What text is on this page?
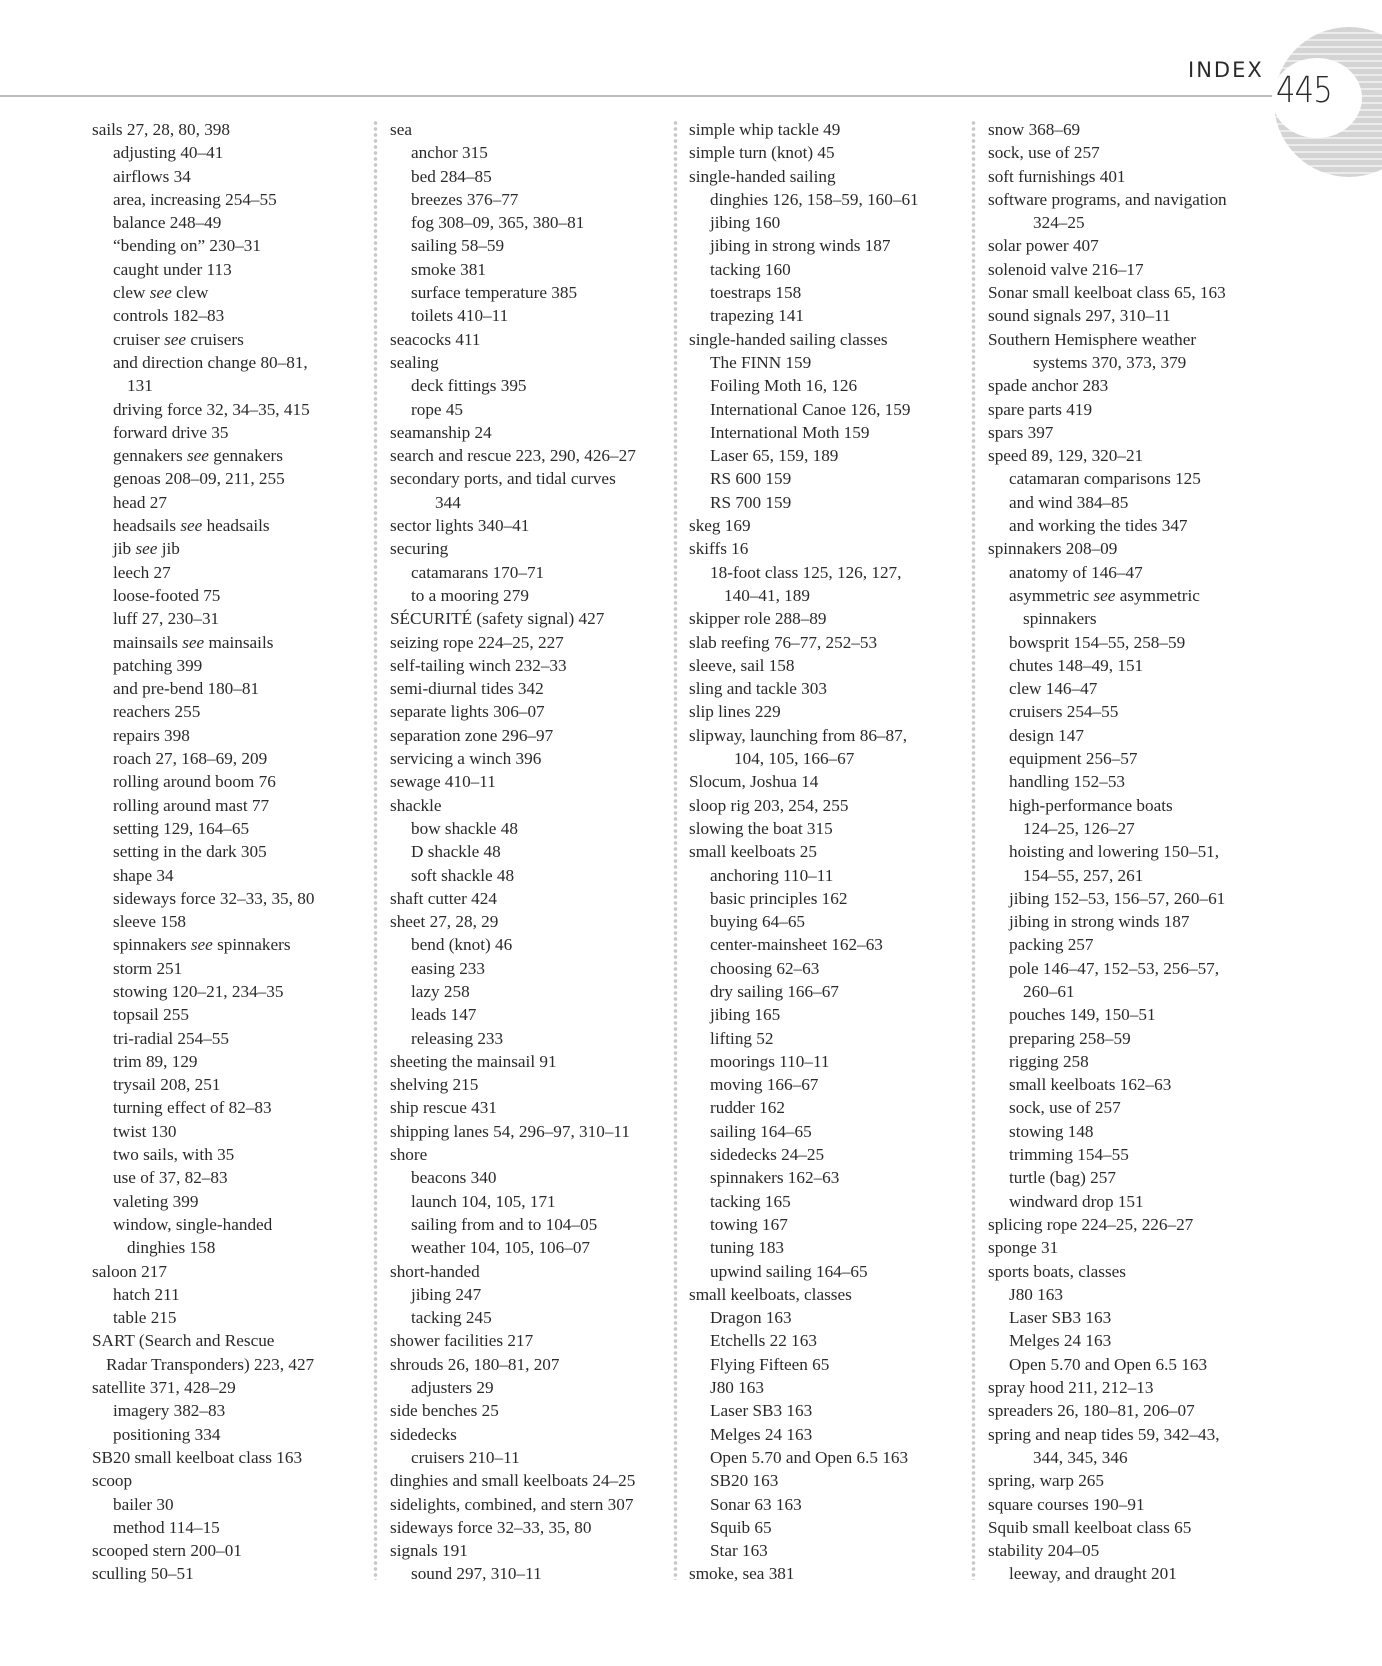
INDEX 445
sails 27, 28, 80, 398
adjusting 40–41
airflows 34
area, increasing 254–55
balance 248–49
“bending on” 230–31
caught under 113
clew see clew
controls 182–83
cruiser see cruisers
and direction change 80–81,
131
driving force 32, 34–35, 415
forward drive 35
gennakers see gennakers
genoas 208–09, 211, 255
head 27
headsails see headsails
jib see jib
leech 27
loose-footed 75
luff 27, 230–31
mainsails see mainsails
patching 399
and pre-bend 180–81
reachers 255
repairs 398
roach 27, 168–69, 209
rolling around boom 76
rolling around mast 77
setting 129, 164–65
setting in the dark 305
shape 34
sideways force 32–33, 35, 80
sleeve 158
spinnakers see spinnakers
storm 251
stowing 120–21, 234–35
topsail 255
tri-radial 254–55
trim 89, 129
trysail 208, 251
turning effect of 82–83
twist 130
two sails, with 35
use of 37, 82–83
valeting 399
window, single-handed
dinghies 158
saloon 217
hatch 211
table 215
SART (Search and Rescue
Radar Transponders) 223, 427
satellite 371, 428–29
imagery 382–83
positioning 334
SB20 small keelboat class 163
scoop
bailer 30
method 114–15
scooped stern 200–01
sculling 50–51
sea
anchor 315
bed 284–85
breezes 376–77
fog 308–09, 365, 380–81
sailing 58–59
smoke 381
surface temperature 385
toilets 410–11
seacocks 411
sealing
deck fittings 395
rope 45
seamanship 24
search and rescue 223, 290, 426–27
secondary ports, and tidal curves
344
sector lights 340–41
securing
catamarans 170–71
to a mooring 279
SÉCURITÉ (safety signal) 427
seizing rope 224–25, 227
self-tailing winch 232–33
semi-diurnal tides 342
separate lights 306–07
separation zone 296–97
servicing a winch 396
sewage 410–11
shackle
bow shackle 48
D shackle 48
soft shackle 48
shaft cutter 424
sheet 27, 28, 29
bend (knot) 46
easing 233
lazy 258
leads 147
releasing 233
sheeting the mainsail 91
shelving 215
ship rescue 431
shipping lanes 54, 296–97, 310–11
shore
beacons 340
launch 104, 105, 171
sailing from and to 104–05
weather 104, 105, 106–07
short-handed
jibing 247
tacking 245
shower facilities 217
shrouds 26, 180–81, 207
adjusters 29
side benches 25
sidedecks
cruisers 210–11
dinghies and small keelboats 24–25
sidelights, combined, and stern 307
sideways force 32–33, 35, 80
signals 191
sound 297, 310–11
simple whip tackle 49
simple turn (knot) 45
single-handed sailing
dinghies 126, 158–59, 160–61
jibing 160
jibing in strong winds 187
tacking 160
toestraps 158
trapezing 141
single-handed sailing classes
The FINN 159
Foiling Moth 16, 126
International Canoe 126, 159
International Moth 159
Laser 65, 159, 189
RS 600 159
RS 700 159
skeg 169
skiffs 16
18-foot class 125, 126, 127,
140–41, 189
skipper role 288–89
slab reefing 76–77, 252–53
sleeve, sail 158
sling and tackle 303
slip lines 229
slipway, launching from 86–87,
104, 105, 166–67
Slocum, Joshua 14
sloop rig 203, 254, 255
slowing the boat 315
small keelboats 25
anchoring 110–11
basic principles 162
buying 64–65
center-mainsheet 162–63
choosing 62–63
dry sailing 166–67
jibing 165
lifting 52
moorings 110–11
moving 166–67
rudder 162
sailing 164–65
sidedecks 24–25
spinnakers 162–63
tacking 165
towing 167
tuning 183
upwind sailing 164–65
small keelboats, classes
Dragon 163
Etchells 22 163
Flying Fifteen 65
J80 163
Laser SB3 163
Melges 24 163
Open 5.70 and Open 6.5 163
SB20 163
Sonar 63 163
Squib 65
Star 163
smoke, sea 381
snow 368–69
sock, use of 257
soft furnishings 401
software programs, and navigation
324–25
solar power 407
solenoid valve 216–17
Sonar small keelboat class 65, 163
sound signals 297, 310–11
Southern Hemisphere weather
systems 370, 373, 379
spade anchor 283
spare parts 419
spars 397
speed 89, 129, 320–21
catamaran comparisons 125
and wind 384–85
and working the tides 347
spinnakers 208–09
anatomy of 146–47
asymmetric see asymmetric
spinnakers
bowsprit 154–55, 258–59
chutes 148–49, 151
clew 146–47
cruisers 254–55
design 147
equipment 256–57
handling 152–53
high-performance boats
124–25, 126–27
hoisting and lowering 150–51,
154–55, 257, 261
jibing 152–53, 156–57, 260–61
jibing in strong winds 187
packing 257
pole 146–47, 152–53, 256–57,
260–61
pouches 149, 150–51
preparing 258–59
rigging 258
small keelboats 162–63
sock, use of 257
stowing 148
trimming 154–55
turtle (bag) 257
windward drop 151
splicing rope 224–25, 226–27
sponge 31
sports boats, classes
J80 163
Laser SB3 163
Melges 24 163
Open 5.70 and Open 6.5 163
spray hood 211, 212–13
spreaders 26, 180–81, 206–07
spring and neap tides 59, 342–43,
344, 345, 346
spring, warp 265
square courses 190–91
Squib small keelboat class 65
stability 204–05
leeway, and draught 201
